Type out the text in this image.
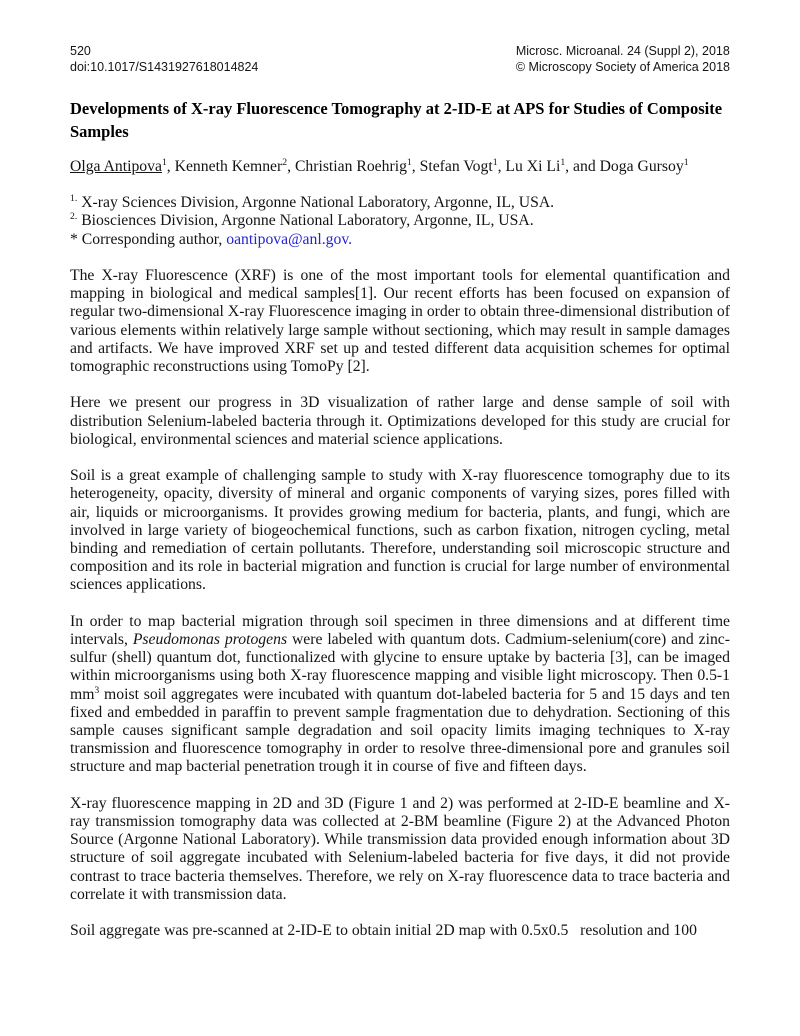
520
doi:10.1017/S1431927618014824
Microsc. Microanal. 24 (Suppl 2), 2018
© Microscopy Society of America 2018
Developments of X-ray Fluorescence Tomography at 2-ID-E at APS for Studies of Composite Samples

Olga Antipova$^1$, Kenneth Kemner$^2$, Christian Roehrig$^1$, Stefan Vogt$^1$, Lu Xi Li$^1$, and Doga Gursoy$^1$

$^{1.}$ X-ray Sciences Division, Argonne National Laboratory, Argonne, IL, USA.

$^{2.}$ Biosciences Division, Argonne National Laboratory, Argonne, IL, USA.

* Corresponding author, oantipova@anl.gov.

The X-ray Fluorescence (XRF) is one of the most important tools for elemental quantification and mapping in biological and medical samples[1]. Our recent efforts has been focused on expansion of regular two-dimensional X-ray Fluorescence imaging in order to obtain three-dimensional distribution of various elements within relatively large sample without sectioning, which may result in sample damages and artifacts. We have improved XRF set up and tested different data acquisition schemes for optimal tomographic reconstructions using TomoPy [2].

Here we present our progress in 3D visualization of rather large and dense sample of soil with distribution Selenium-labeled bacteria through it. Optimizations developed for this study are crucial for biological, environmental sciences and material science applications.

Soil is a great example of challenging sample to study with X-ray fluorescence tomography due to its heterogeneity, opacity, diversity of mineral and organic components of varying sizes, pores filled with air, liquids or microorganisms. It provides growing medium for bacteria, plants, and fungi, which are involved in large variety of biogeochemical functions, such as carbon fixation, nitrogen cycling, metal binding and remediation of certain pollutants. Therefore, understanding soil microscopic structure and composition and its role in bacterial migration and function is crucial for large number of environmental sciences applications.

In order to map bacterial migration through soil specimen in three dimensions and at different time intervals, Pseudomonas protogens were labeled with quantum dots. Cadmium-selenium(core) and zinc-sulfur (shell) quantum dot, functionalized with glycine to ensure uptake by bacteria [3], can be imaged within microorganisms using both X-ray fluorescence mapping and visible light microscopy. Then 0.5-1 $mm^3$ moist soil aggregates were incubated with quantum dot-labeled bacteria for 5 and 15 days and ten fixed and embedded in paraffin to prevent sample fragmentation due to dehydration. Sectioning of this sample causes significant sample degradation and soil opacity limits imaging techniques to X-ray transmission and fluorescence tomography in order to resolve three-dimensional pore and granules soil structure and map bacterial penetration trough it in course of five and fifteen days.

X-ray fluorescence mapping in 2D and 3D (Figure 1 and 2) was performed at 2-ID-E beamline and X-ray transmission tomography data was collected at 2-BM beamline (Figure 2) at the Advanced Photon Source (Argonne National Laboratory). While transmission data provided enough information about 3D structure of soil aggregate incubated with Selenium-labeled bacteria for five days, it did not provide contrast to trace bacteria themselves. Therefore, we rely on X-ray fluorescence data to trace bacteria and correlate it with transmission data.

Soil aggregate was pre-scanned at 2-ID-E to obtain initial 2D map with 0.5x0.5   resolution and 100
